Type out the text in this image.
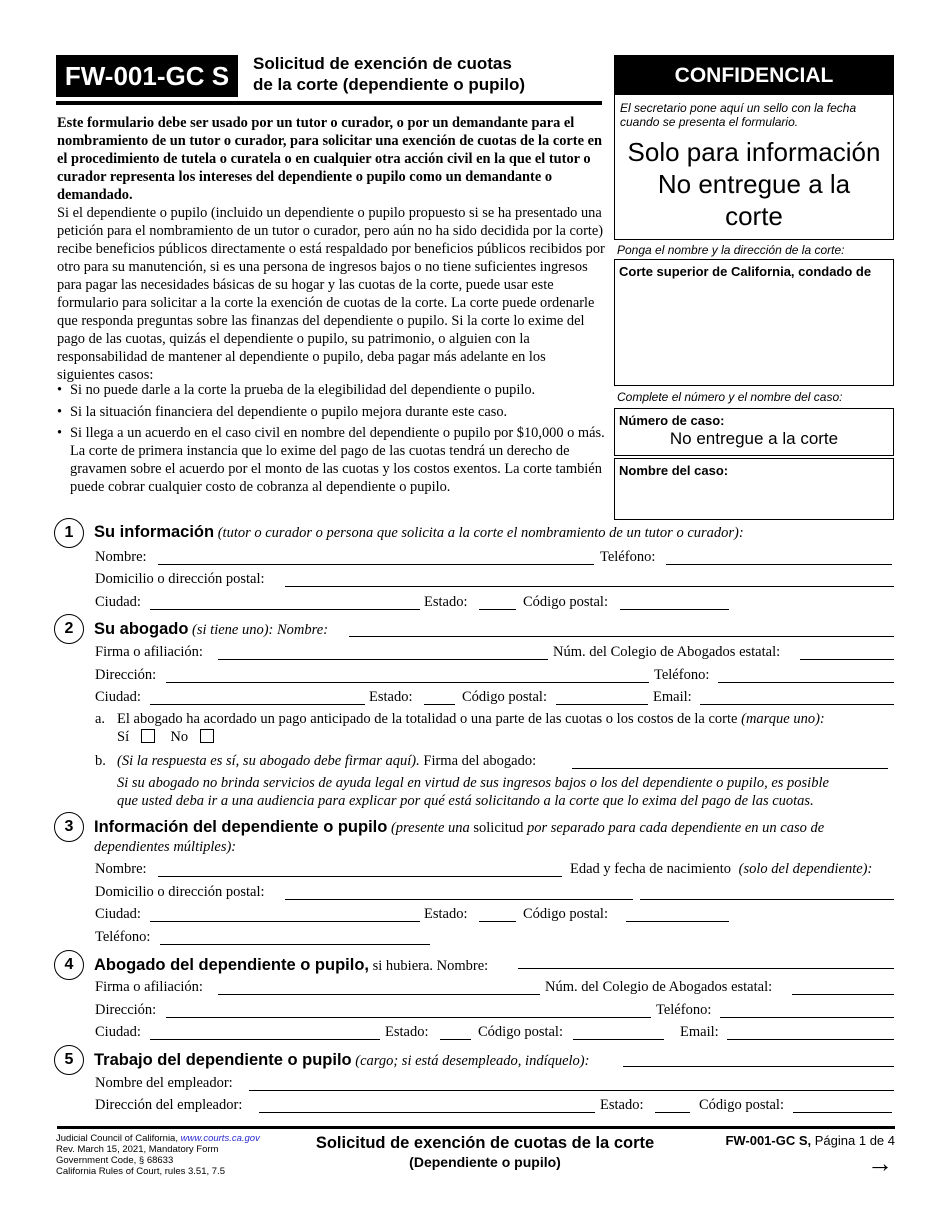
FW-001-GC S	Solicitud de exención de cuotas
de la corte (dependiente o pupilo)
Este formulario debe ser usado por un tutor o curador, o por un demandante para el nombramiento de un tutor o curador, para solicitar una exención de cuotas de la corte en el procedimiento de tutela o curatela o en cualquier otra acción civil en la que el tutor o curador representa los intereses del dependiente o pupilo como un demandante o demandado.
Si el dependiente o pupilo (incluido un dependiente o pupilo propuesto si se ha presentado una petición para el nombramiento de un tutor o curador, pero aún no ha sido decidida por la corte) recibe beneficios públicos directamente o está respaldado por beneficios públicos recibidos por otro para su manutención, si es una persona de ingresos bajos o no tiene suficientes ingresos para pagar las necesidades básicas de su hogar y las cuotas de la corte, puede usar este formulario para solicitar a la corte la exención de cuotas de la corte. La corte puede ordenarle que responda preguntas sobre las finanzas del dependiente o pupilo. Si la corte lo exime del pago de las cuotas, quizás el dependiente o pupilo, su patrimonio, o alguien con la responsabilidad de mantener al dependiente o pupilo, deba pagar más adelante en los siguientes casos:
• Si no puede darle a la corte la prueba de la elegibilidad del dependiente o pupilo.
• Si la situación financiera del dependiente o pupilo mejora durante este caso.
• Si llega a un acuerdo en el caso civil en nombre del dependiente o pupilo por $10,000 o más. La corte de primera instancia que lo exime del pago de las cuotas tendrá un derecho de gravamen sobre el acuerdo por el monto de las cuotas y los costos exentos. La corte también puede cobrar cualquier costo de cobranza al dependiente o pupilo.
CONFIDENCIAL
El secretario pone aquí un sello con la fecha cuando se presenta el formulario.
Solo para información
No entregue a la
corte
Ponga el nombre y la dirección de la corte:
Corte superior de California, condado de
Complete el número y el nombre del caso:
Número de caso:
No entregue a la corte
Nombre del caso:
1	Su información (tutor o curador o persona que solicita a la corte el nombramiento de un tutor o curador):
Nombre:	Teléfono:
Domicilio o dirección postal:
Ciudad:	Estado:	Código postal:
2	Su abogado (si tiene uno): Nombre:
Firma o afiliación:	Núm. del Colegio de Abogados estatal:
Dirección:	Teléfono:
Ciudad:	Estado:	Código postal:	Email:
a. El abogado ha acordado un pago anticipado de la totalidad o una parte de las cuotas o los costos de la corte (marque uno):
Sí	No
b. (Si la respuesta es sí, su abogado debe firmar aquí). Firma del abogado:
Si su abogado no brinda servicios de ayuda legal en virtud de sus ingresos bajos o los del dependiente o pupilo, es posible
que usted deba ir a una audiencia para explicar por qué está solicitando a la corte que lo exima del pago de las cuotas.
3	Información del dependiente o pupilo (presente una solicitud por separado para cada dependiente en un caso de
dependientes múltiples):
Nombre:	Edad y fecha de nacimiento (solo del dependiente):
Domicilio o dirección postal:
Ciudad:	Estado:	Código postal:
Teléfono:
4	Abogado del dependiente o pupilo, si hubiera. Nombre:
Firma o afiliación:	Núm. del Colegio de Abogados estatal:
Dirección:	Teléfono:
Ciudad:	Estado:	Código postal:	Email:
5	Trabajo del dependiente o pupilo (cargo; si está desempleado, indíquelo):
Nombre del empleador:
Dirección del empleador:	Estado:	Código postal:
Judicial Council of California, www.courts.ca.gov
Rev. March 15, 2021, Mandatory Form
Government Code, § 68633
California Rules of Court, rules 3.51, 7.5
Solicitud de exención de cuotas de la corte
(Dependiente o pupilo)
FW-001-GC S, Página 1 de 4
→
